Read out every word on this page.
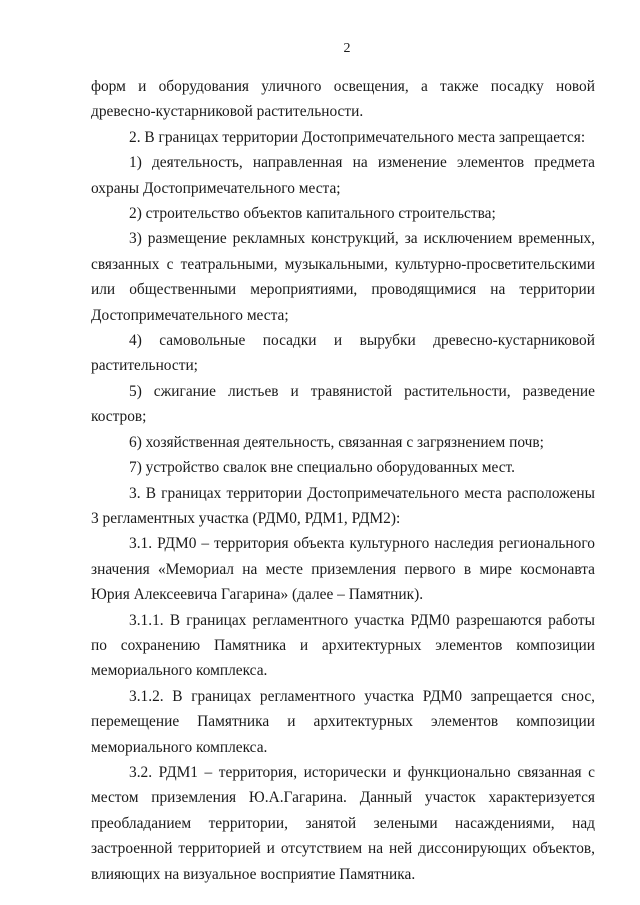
2

форм и оборудования уличного освещения, а также посадку новой древесно-кустарниковой растительности.

2. В границах территории Достопримечательного места запрещается:

1) деятельность, направленная на изменение элементов предмета охраны Достопримечательного места;

2) строительство объектов капитального строительства;

3) размещение рекламных конструкций, за исключением временных, связанных с театральными, музыкальными, культурно-просветительскими или общественными мероприятиями, проводящимися на территории Достопримечательного места;

4) самовольные посадки и вырубки древесно-кустарниковой растительности;

5) сжигание листьев и травянистой растительности, разведение костров;

6) хозяйственная деятельность, связанная с загрязнением почв;

7) устройство свалок вне специально оборудованных мест.

3. В границах территории Достопримечательного места расположены 3 регламентных участка (РДМ0, РДМ1, РДМ2):

3.1. РДМ0 – территория объекта культурного наследия регионального значения «Мемориал на месте приземления первого в мире космонавта Юрия Алексеевича Гагарина» (далее – Памятник).

3.1.1. В границах регламентного участка РДМ0 разрешаются работы по сохранению Памятника и архитектурных элементов композиции мемориального комплекса.

3.1.2. В границах регламентного участка РДМ0 запрещается снос, перемещение Памятника и архитектурных элементов композиции мемориального комплекса.

3.2. РДМ1 – территория, исторически и функционально связанная с местом приземления Ю.А.Гагарина. Данный участок характеризуется преобладанием территории, занятой зелеными насаждениями, над застроенной территорией и отсутствием на ней диссонирующих объектов, влияющих на визуальное восприятие Памятника.
